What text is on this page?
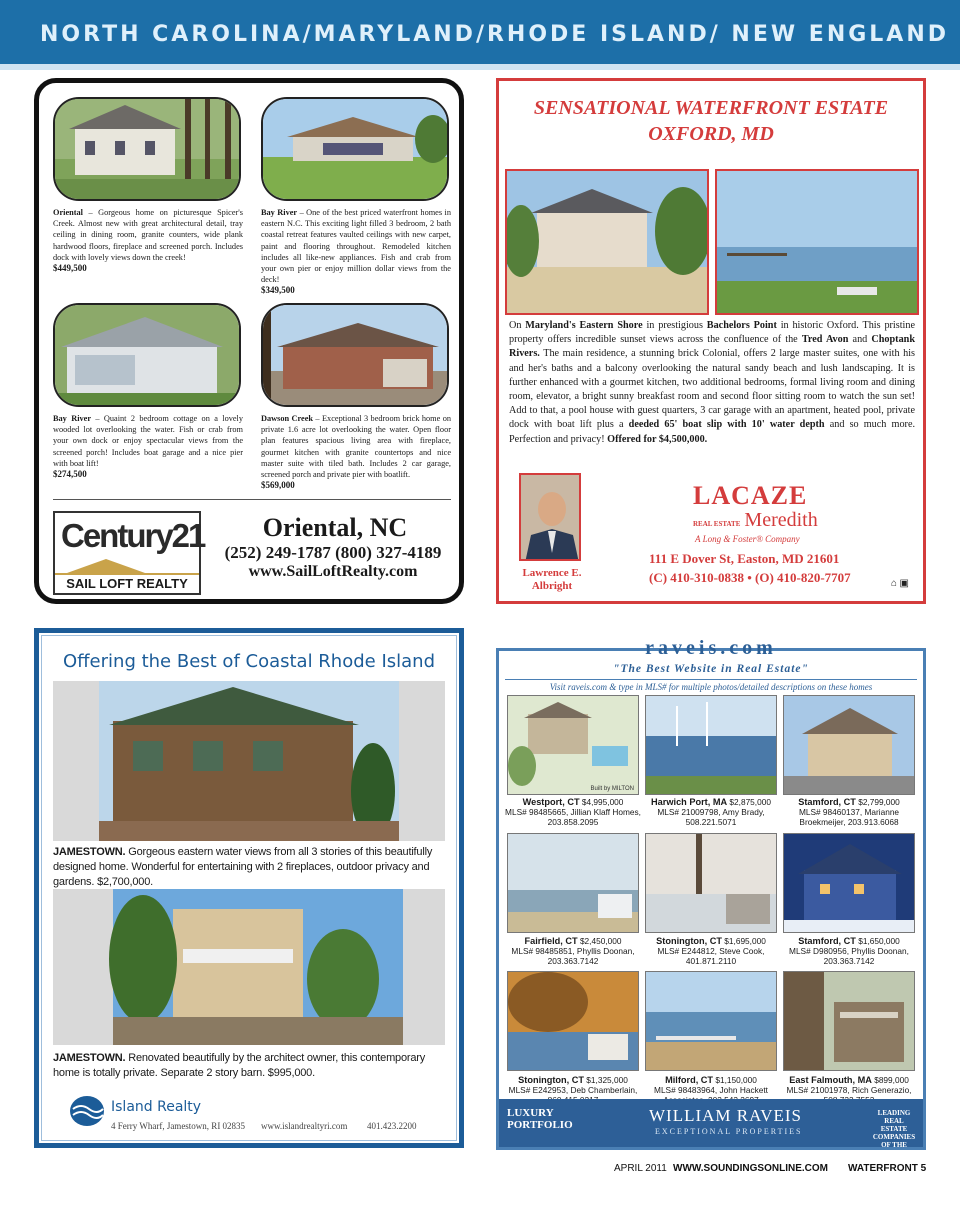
NORTH CAROLINA/MARYLAND/RHODE ISLAND/ NEW ENGLAND
Oriental – Gorgeous home on picturesque Spicer's Creek. Almost new with great architectural detail, tray ceiling in dining room, granite counters, wide plank hardwood floors, fireplace and screened porch. Includes dock with lovely views down the creek!
$449,500
Bay River – One of the best priced waterfront homes in eastern N.C. This exciting light filled 3 bedroom, 2 bath coastal retreat features vaulted ceilings with new carpet, paint and flooring throughout. Remodeled kitchen includes all like-new appliances. Fish and crab from your own pier or enjoy million dollar views from the deck!
$349,500
Bay River – Quaint 2 bedroom cottage on a lovely wooded lot overlooking the water. Fish or crab from your own dock or enjoy spectacular views from the screened porch! Includes boat garage and a nice pier with boat lift!
$274,500
Dawson Creek – Exceptional 3 bedroom brick home on private 1.6 acre lot overlooking the water. Open floor plan features spacious living area with fireplace, gourmet kitchen with granite countertops and nice master suite with tiled bath. Includes 2 car garage, screened porch and private pier with boatlift.
$569,000
Century21
SAIL LOFT REALTY
Oriental, NC
(252) 249-1787 (800) 327-4189
www.SailLoftRealty.com
SENSATIONAL WATERFRONT ESTATE
OXFORD, MD
On Maryland's Eastern Shore in prestigious Bachelors Point in historic Oxford. This pristine property offers incredible sunset views across the confluence of the Tred Avon and Choptank Rivers. The main residence, a stunning brick Colonial, offers 2 large master suites, one with his and her's baths and a balcony overlooking the natural sandy beach and lush landscaping. It is further enhanced with a gourmet kitchen, two additional bedrooms, formal living room and dining room, elevator, a bright sunny breakfast room and second floor sitting room to watch the sun set! Add to that, a pool house with guest quarters, 3 car garage with an apartment, heated pool, private dock with boat lift plus a deeded 65' boat slip with 10' water depth and so much more. Perfection and privacy! Offered for $4,500,000.
Lawrence E. Albright
LACAZE
REAL ESTATE Meredith
A Long & Foster® Company
111 E Dover St, Easton, MD 21601
(C) 410-310-0838 • (O) 410-820-7707	⌂ ▣
Offering the Best of Coastal Rhode Island
JAMESTOWN. Gorgeous eastern water views from all 3 stories of this beautifully designed home. Wonderful for entertaining with 2 fireplaces, outdoor privacy and gardens. $2,700,000.
JAMESTOWN. Renovated beautifully by the architect owner, this contemporary home is totally private. Separate 2 story barn. $995,000.
Island Realty
4 Ferry Wharf, Jamestown, RI 02835 www.islandrealtyri.com 401.423.2200
raveis.com
"The Best Website in Real Estate"
Visit raveis.com & type in MLS# for multiple photos/detailed descriptions on these homes
Built by MILTON
Westport, CT $4,995,000
MLS# 98485665, Jillian Klaff Homes,
203.858.2095
Harwich Port, MA $2,875,000
MLS# 21009798, Amy Brady,
508.221.5071
Stamford, CT $2,799,000
MLS# 98460137, Marianne
Broekmeijer, 203.913.6068
Fairfield, CT $2,450,000
MLS# 98485851, Phyllis Doonan,
203.363.7142
Stonington, CT $1,695,000
MLS# E244812, Steve Cook,
401.871.2110
Stamford, CT $1,650,000
MLS# D980956, Phyllis Doonan,
203.363.7142
Stonington, CT $1,325,000
MLS# E242953, Deb Chamberlain,

Milford, CT $1,150,000
MLS# 98483964, John Hackett

East Falmouth, MA $899,000
MLS# 21001978, Rich Generazio,

LUXURY
PORTFOLIO	WILLIAM RAVEIS
EXCEPTIONAL PROPERTIES
LEADING REAL ESTATE COMPANIES OF THE WORLD
APRIL 2011 WWW.SOUNDINGSONLINE.COM WATERFRONT 5
